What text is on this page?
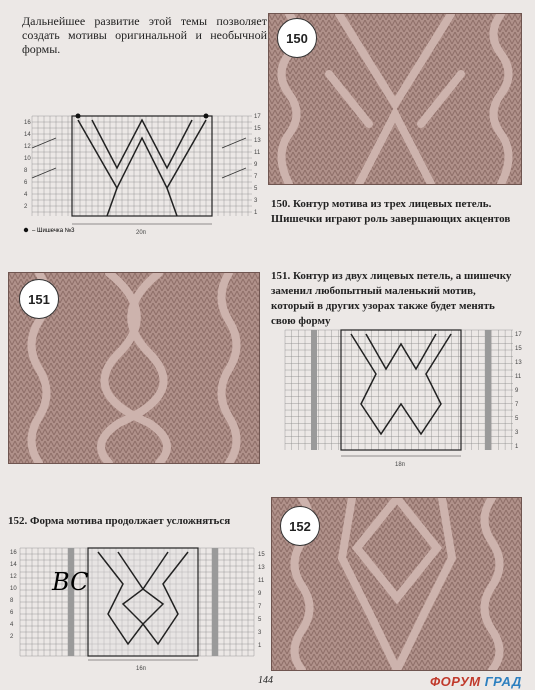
Дальнейшее развитие этой темы позволяет создать мотивы оригинальной и необычной формы.
150
16
14
12
10
8
6
4
2
17
15
13
11
9
7
5
3
1
20п
– Шишечка №3
150. Контур мотива из трех лицевых петель. Шишечки играют роль завершающих акцентов
151
151. Контур из двух лицевых петель, а шишечку заменил любопытный маленький мотив, который в других узорах также будет менять свою форму
17
15
13
11
9
7
5
3
1
18п
152. Форма мотива продолжает усложняться
16
14
12
10
8
6
4
2
15
13
11
9
7
5
3
1
16п
BC
152
144	ФОРУМ ГРАД
